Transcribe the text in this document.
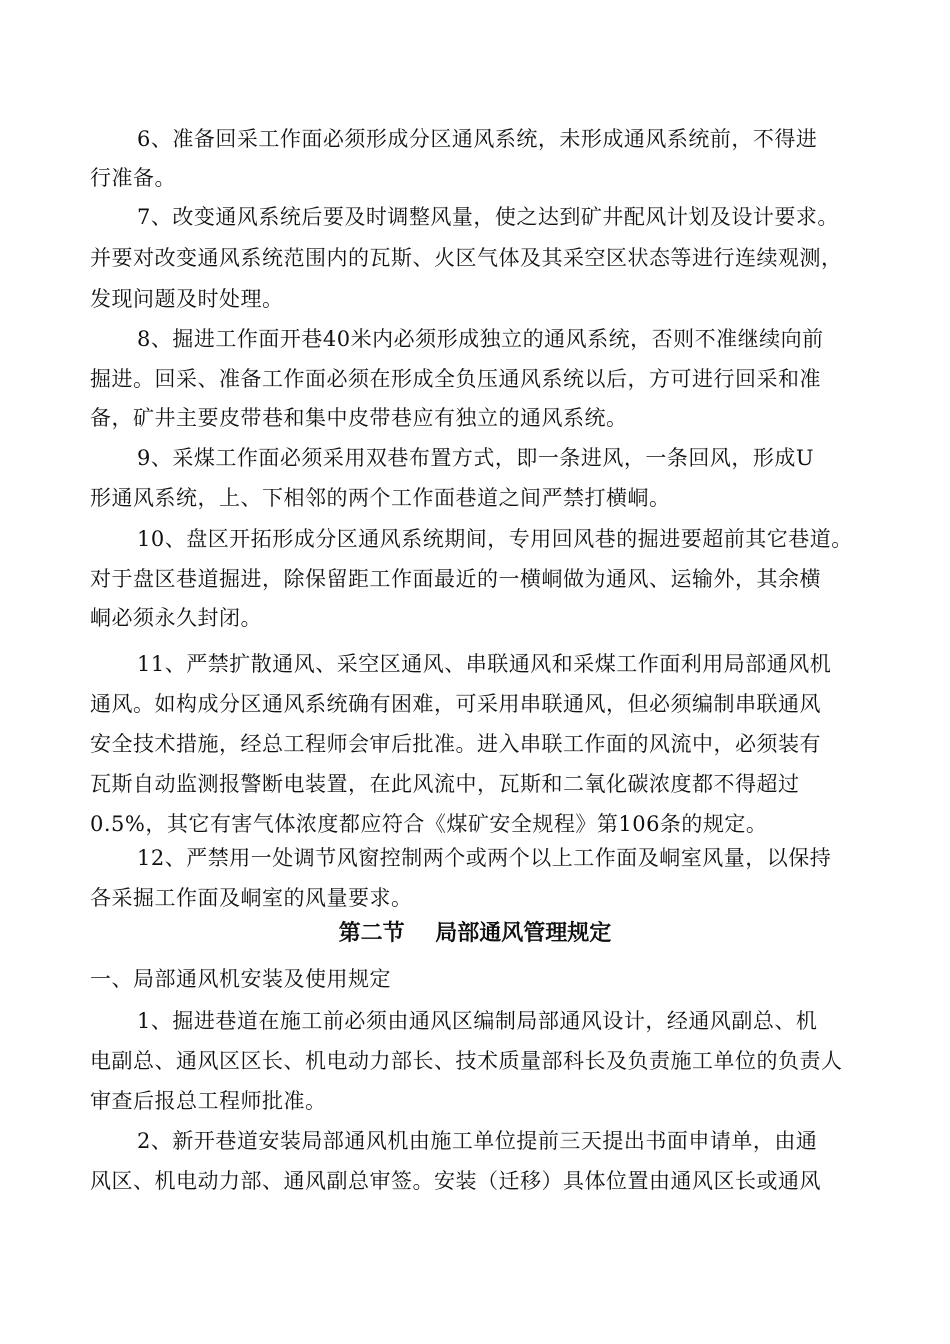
6、准备回采工作面必须形成分区通风系统，未形成通风系统前，不得进
行准备。
7、改变通风系统后要及时调整风量，使之达到矿井配风计划及设计要求。
并要对改变通风系统范围内的瓦斯、火区气体及其采空区状态等进行连续观测，
发现问题及时处理。
8、掘进工作面开巷40米内必须形成独立的通风系统，否则不准继续向前
掘进。回采、准备工作面必须在形成全负压通风系统以后，方可进行回采和准
备，矿井主要皮带巷和集中皮带巷应有独立的通风系统。
9、采煤工作面必须采用双巷布置方式，即一条进风，一条回风，形成U
形通风系统，上、下相邻的两个工作面巷道之间严禁打横峒。
10、盘区开拓形成分区通风系统期间，专用回风巷的掘进要超前其它巷道。
对于盘区巷道掘进，除保留距工作面最近的一横峒做为通风、运输外，其余横
峒必须永久封闭。
11、严禁扩散通风、采空区通风、串联通风和采煤工作面利用局部通风机
通风。如构成分区通风系统确有困难，可采用串联通风，但必须编制串联通风
安全技术措施，经总工程师会审后批准。进入串联工作面的风流中，必须装有
瓦斯自动监测报警断电装置，在此风流中，瓦斯和二氧化碳浓度都不得超过
0.5%，其它有害气体浓度都应符合《煤矿安全规程》第106条的规定。
12、严禁用一处调节风窗控制两个或两个以上工作面及峒室风量，以保持
各采掘工作面及峒室的风量要求。
第二节    局部通风管理规定
一、局部通风机安装及使用规定
1、掘进巷道在施工前必须由通风区编制局部通风设计，经通风副总、机
电副总、通风区区长、机电动力部长、技术质量部科长及负责施工单位的负责人
审查后报总工程师批准。
2、新开巷道安装局部通风机由施工单位提前三天提出书面申请单，由通
风区、机电动力部、通风副总审签。安装（迁移）具体位置由通风区长或通风
